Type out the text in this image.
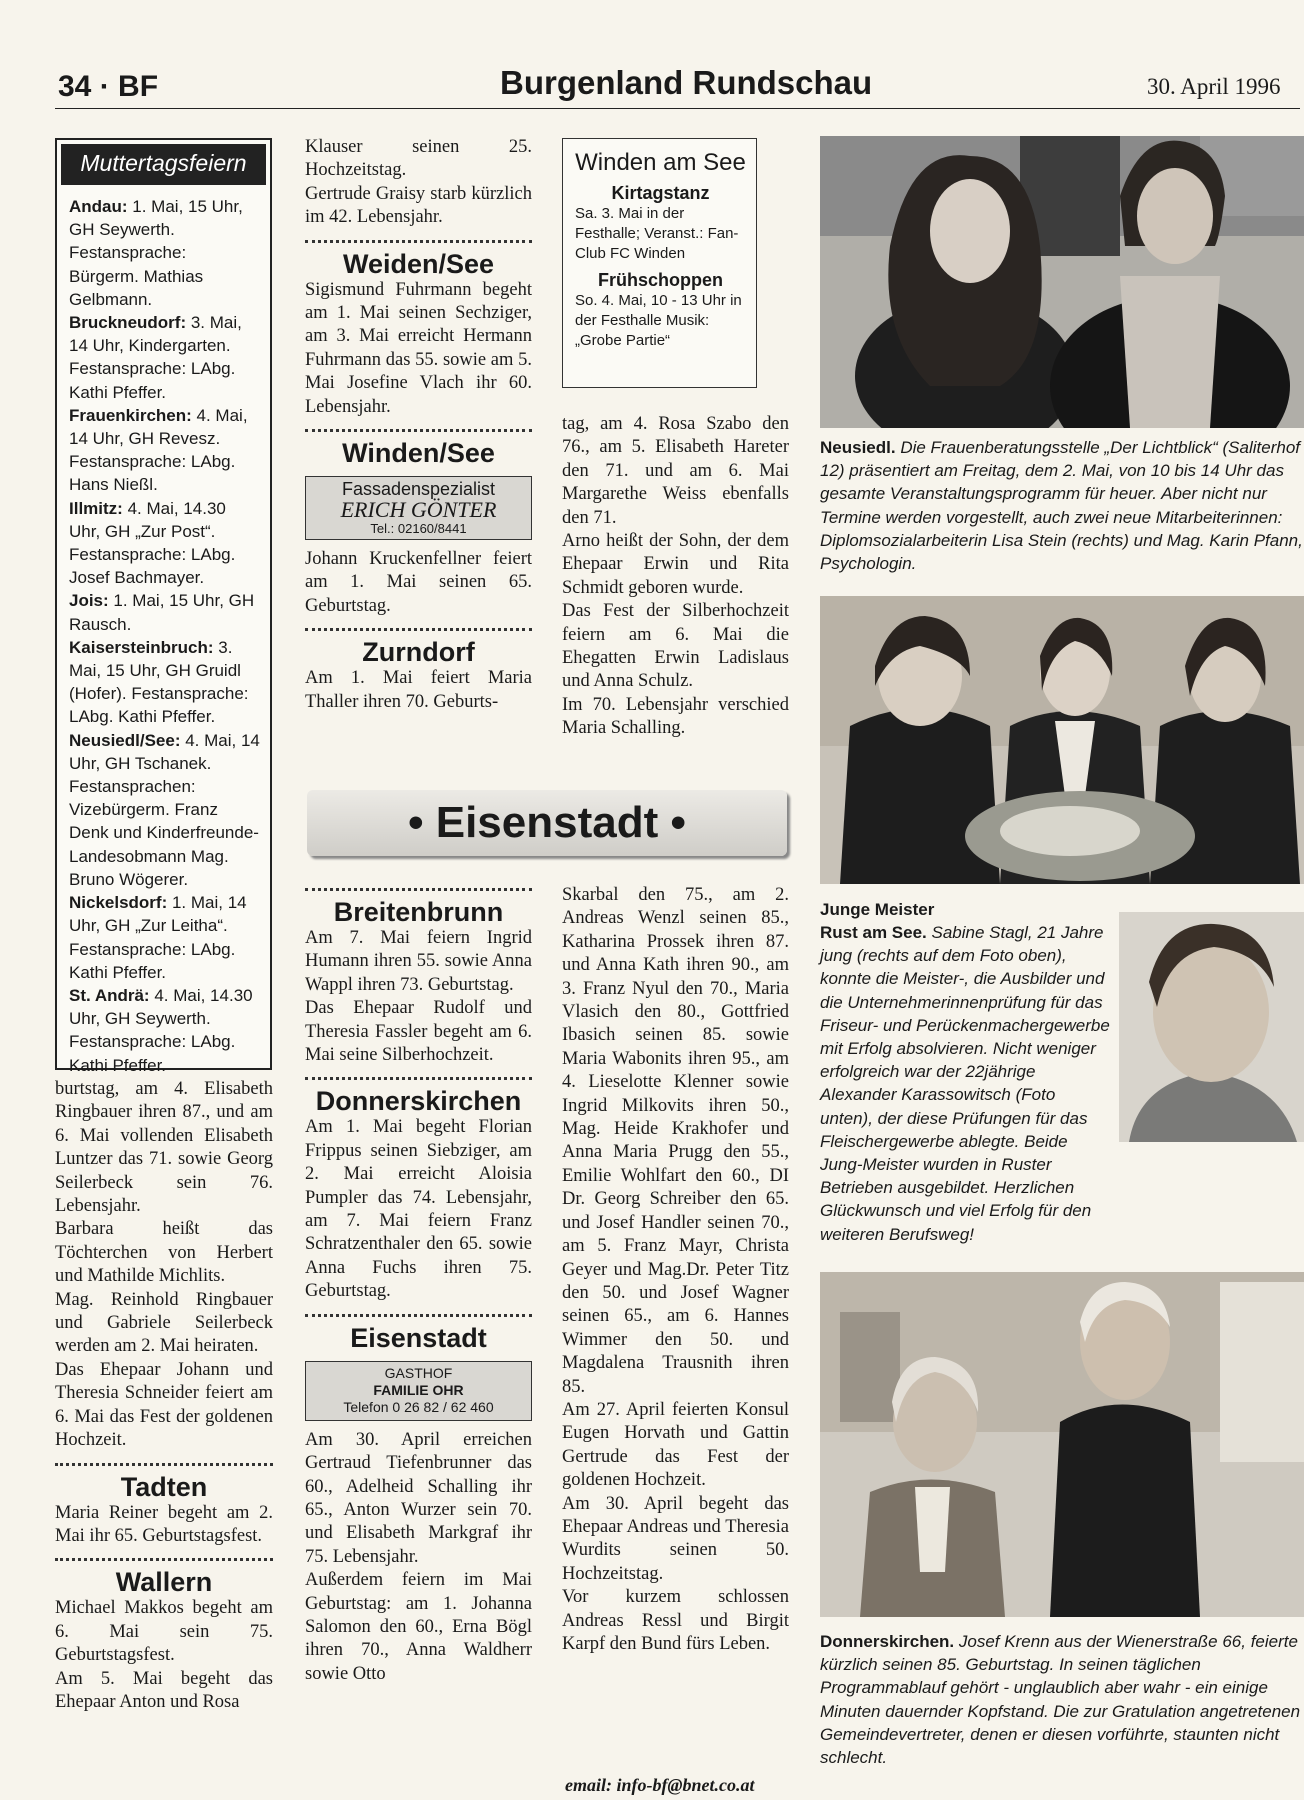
34 · BF	Burgenland Rundschau	30. April 1996
Muttertagsfeiern
Andau: 1. Mai, 15 Uhr, GH Seywerth. Festansprache: Bürgerm. Mathias Gelbmann.
Bruckneudorf: 3. Mai, 14 Uhr, Kindergarten. Festansprache: LAbg. Kathi Pfeffer.
Frauenkirchen: 4. Mai, 14 Uhr, GH Revesz. Festansprache: LAbg. Hans Nießl.
Illmitz: 4. Mai, 14.30 Uhr, GH „Zur Post“. Festansprache: LAbg. Josef Bachmayer.
Jois: 1. Mai, 15 Uhr, GH Rausch.
Kaisersteinbruch: 3. Mai, 15 Uhr, GH Gruidl (Hofer). Festansprache: LAbg. Kathi Pfeffer.
Neusiedl/See: 4. Mai, 14 Uhr, GH Tschanek. Festansprachen: Vizebürgerm. Franz Denk und Kinderfreunde-Landesobmann Mag. Bruno Wögerer.
Nickelsdorf: 1. Mai, 14 Uhr, GH „Zur Leitha“. Festansprache: LAbg. Kathi Pfeffer.
St. Andrä: 4. Mai, 14.30 Uhr, GH Seywerth. Festansprache: LAbg. Kathi Pfeffer.

burtstag, am 4. Elisabeth Ringbauer ihren 87., und am 6. Mai vollenden Elisabeth Luntzer das 71. sowie Georg Seilerbeck sein 76. Lebensjahr.

Barbara heißt das Töchterchen von Herbert und Mathilde Michlits.

Mag. Reinhold Ringbauer und Gabriele Seilerbeck werden am 2. Mai heiraten.

Das Ehepaar Johann und Theresia Schneider feiert am 6. Mai das Fest der goldenen Hochzeit.

Tadten

Maria Reiner begeht am 2. Mai ihr 65. Geburtstagsfest.

Wallern

Michael Makkos begeht am 6. Mai sein 75. Geburtstagsfest.

Am 5. Mai begeht das Ehepaar Anton und Rosa

Klauser seinen 25. Hochzeitstag.

Gertrude Graisy starb kürzlich im 42. Lebensjahr.

Weiden/See

Sigismund Fuhrmann begeht am 1. Mai seinen Sechziger, am 3. Mai erreicht Hermann Fuhrmann das 55. sowie am 5. Mai Josefine Vlach ihr 60. Lebensjahr.

Winden/See
Fassadenspezialist
ERICH GÖNTER
Tel.: 02160/8441

Johann Kruckenfellner feiert am 1. Mai seinen 65. Geburtstag.

Zurndorf

Am 1. Mai feiert Maria Thaller ihren 70. Geburts-

Winden am See
Kirtagstanz
Sa. 3. Mai in der Festhalle; Veranst.: Fan-Club FC Winden
Frühschoppen
So. 4. Mai, 10 - 13 Uhr in der Festhalle Musik: „Grobe Partie“

tag, am 4. Rosa Szabo den 76., am 5. Elisabeth Hareter den 71. und am 6. Mai Margarethe Weiss ebenfalls den 71.

Arno heißt der Sohn, der dem Ehepaar Erwin und Rita Schmidt geboren wurde.

Das Fest der Silberhochzeit feiern am 6. Mai die Ehegatten Erwin Ladislaus und Anna Schulz.

Im 70. Lebensjahr verschied Maria Schalling.

• Eisenstadt •
Breitenbrunn

Am 7. Mai feiern Ingrid Humann ihren 55. sowie Anna Wappl ihren 73. Geburtstag.

Das Ehepaar Rudolf und Theresia Fassler begeht am 6. Mai seine Silberhochzeit.

Donnerskirchen

Am 1. Mai begeht Florian Frippus seinen Siebziger, am 2. Mai erreicht Aloisia Pumpler das 74. Lebensjahr, am 7. Mai feiern Franz Schratzenthaler den 65. sowie Anna Fuchs ihren 75. Geburtstag.

Eisenstadt
GASTHOF
FAMILIE OHR
Telefon 0 26 82 / 62 460

Am 30. April erreichen Gertraud Tiefenbrunner das 60., Adelheid Schalling ihr 65., Anton Wurzer sein 70. und Elisabeth Markgraf ihr 75. Lebensjahr.

Außerdem feiern im Mai Geburtstag: am 1. Johanna Salomon den 60., Erna Bögl ihren 70., Anna Waldherr sowie Otto

Skarbal den 75., am 2. Andreas Wenzl seinen 85., Katharina Prossek ihren 87. und Anna Kath ihren 90., am 3. Franz Nyul den 70., Maria Vlasich den 80., Gottfried Ibasich seinen 85. sowie Maria Wabonits ihren 95., am 4. Lieselotte Klenner sowie Ingrid Milkovits ihren 50., Mag. Heide Krakhofer und Anna Maria Prugg den 55., Emilie Wohlfart den 60., DI Dr. Georg Schreiber den 65. und Josef Handler seinen 70., am 5. Franz Mayr, Christa Geyer und Mag.Dr. Peter Titz den 50. und Josef Wagner seinen 65., am 6. Hannes Wimmer den 50. und Magdalena Trausnith ihren 85.

Am 27. April feierten Konsul Eugen Horvath und Gattin Gertrude das Fest der goldenen Hochzeit.

Am 30. April begeht das Ehepaar Andreas und Theresia Wurdits seinen 50. Hochzeitstag.

Vor kurzem schlossen Andreas Ressl und Birgit Karpf den Bund fürs Leben.

email: info-bf@bnet.co.at
Neusiedl. Die Frauenberatungsstelle „Der Lichtblick“ (Saliterhof 12) präsentiert am Freitag, dem 2. Mai, von 10 bis 14 Uhr das gesamte Veranstaltungsprogramm für heuer. Aber nicht nur Termine werden vorgestellt, auch zwei neue Mitarbeiterinnen: Diplomsozialarbeiterin Lisa Stein (rechts) und Mag. Karin Pfann, Psychologin.
Junge Meister
Rust am See. Sabine Stagl, 21 Jahre jung (rechts auf dem Foto oben), konnte die Meister-, die Ausbilder und die Unternehmerinnenprüfung für das Friseur- und Perückenmachergewerbe mit Erfolg absolvieren. Nicht weniger erfolgreich war der 22jährige Alexander Karassowitsch (Foto unten), der diese Prüfungen für das Fleischergewerbe ablegte. Beide Jung-Meister wurden in Ruster Betrieben ausgebildet. Herzlichen Glückwunsch und viel Erfolg für den weiteren Berufsweg!
Donnerskirchen. Josef Krenn aus der Wienerstraße 66, feierte kürzlich seinen 85. Geburtstag. In seinen täglichen Programmablauf gehört - unglaublich aber wahr - ein einige Minuten dauernder Kopfstand. Die zur Gratulation angetretenen Gemeindevertreter, denen er diesen vorführte, staunten nicht schlecht.
